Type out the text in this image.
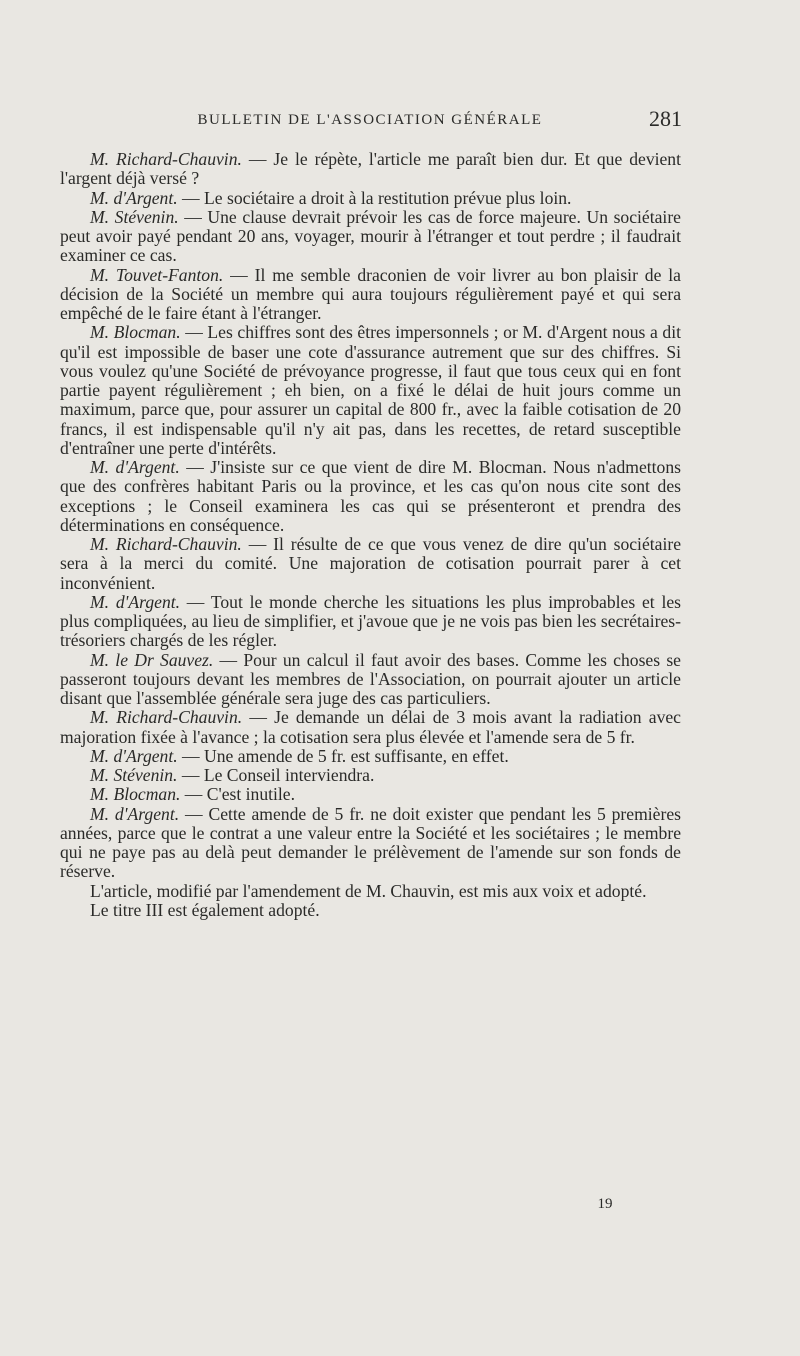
BULLETIN DE L'ASSOCIATION GÉNÉRALE	281

M. Richard-Chauvin. — Je le répète, l'article me paraît bien dur. Et que devient l'argent déjà versé ?

M. d'Argent. — Le sociétaire a droit à la restitution prévue plus loin.

M. Stévenin. — Une clause devrait prévoir les cas de force majeure. Un sociétaire peut avoir payé pendant 20 ans, voyager, mourir à l'étranger et tout perdre ; il faudrait examiner ce cas.

M. Touvet-Fanton. — Il me semble draconien de voir livrer au bon plaisir de la décision de la Société un membre qui aura toujours régulièrement payé et qui sera empêché de le faire étant à l'étranger.

M. Blocman. — Les chiffres sont des êtres impersonnels ; or M. d'Argent nous a dit qu'il est impossible de baser une cote d'assurance autrement que sur des chiffres. Si vous voulez qu'une Société de prévoyance progresse, il faut que tous ceux qui en font partie payent régulièrement ; eh bien, on a fixé le délai de huit jours comme un maximum, parce que, pour assurer un capital de 800 fr., avec la faible cotisation de 20 francs, il est indispensable qu'il n'y ait pas, dans les recettes, de retard susceptible d'entraîner une perte d'intérêts.

M. d'Argent. — J'insiste sur ce que vient de dire M. Blocman. Nous n'admettons que des confrères habitant Paris ou la province, et les cas qu'on nous cite sont des exceptions ; le Conseil examinera les cas qui se présenteront et prendra des déterminations en conséquence.

M. Richard-Chauvin. — Il résulte de ce que vous venez de dire qu'un sociétaire sera à la merci du comité. Une majoration de cotisation pourrait parer à cet inconvénient.

M. d'Argent. — Tout le monde cherche les situations les plus improbables et les plus compliquées, au lieu de simplifier, et j'avoue que je ne vois pas bien les secrétaires-trésoriers chargés de les régler.

M. le Dr Sauvez. — Pour un calcul il faut avoir des bases. Comme les choses se passeront toujours devant les membres de l'Association, on pourrait ajouter un article disant que l'assemblée générale sera juge des cas particuliers.

M. Richard-Chauvin. — Je demande un délai de 3 mois avant la radiation avec majoration fixée à l'avance ; la cotisation sera plus élevée et l'amende sera de 5 fr.

M. d'Argent. — Une amende de 5 fr. est suffisante, en effet.

M. Stévenin. — Le Conseil interviendra.

M. Blocman. — C'est inutile.

M. d'Argent. — Cette amende de 5 fr. ne doit exister que pendant les 5 premières années, parce que le contrat a une valeur entre la Société et les sociétaires ; le membre qui ne paye pas au delà peut demander le prélèvement de l'amende sur son fonds de réserve.

L'article, modifié par l'amendement de M. Chauvin, est mis aux voix et adopté.

Le titre III est également adopté.

19
